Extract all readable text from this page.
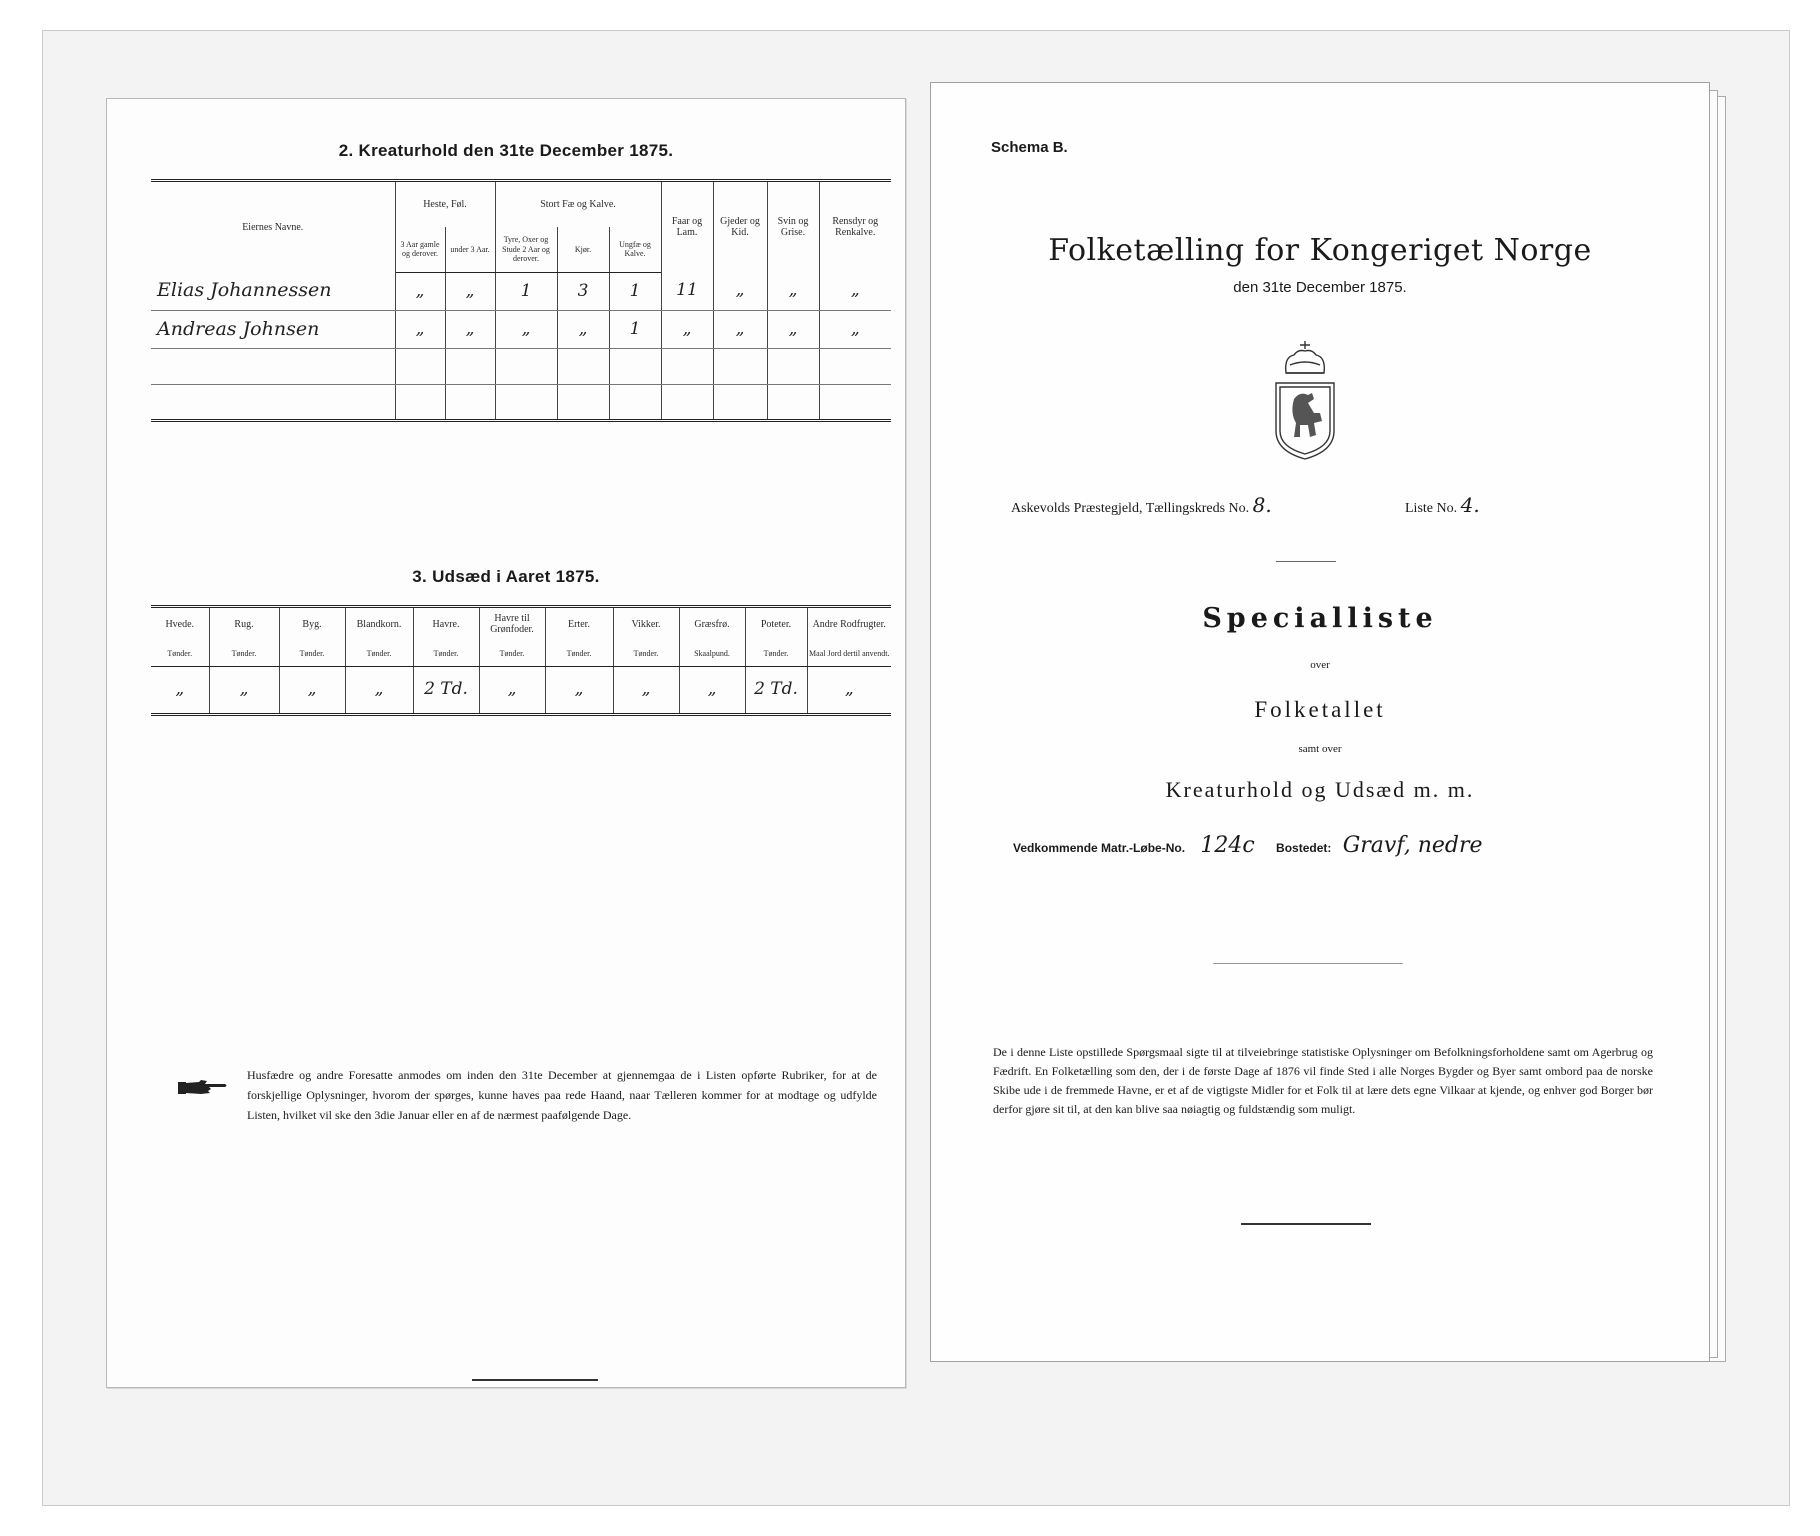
2. Kreaturhold den 31te December 1875.
Eiernes Navne.	Heste, Føl.		Stort Fæ og Kalve.			Faar og Lam.	Gjeder og Kid.	Svin og Grise.	Rensdyr og Renkalve.
	3 Aar gamle og derover.	under 3 Aar.	Tyre, Oxer og Stude 2 Aar og derover.	Kjør.	Ungfæ og Kalve.				
Elias Johannessen	„	„	1	3	1	11	„	„	„
Andreas Johnsen	„	„	„	„	1	„	„	„	„

3. Udsæd i Aaret 1875.
Hvede.	Rug.	Byg.	Blandkorn.	Havre.	Havre til Grønfoder.	Erter.	Vikker.	Græsfrø.	Poteter.	Andre Rodfrugter.
Tønder.	Tønder.	Tønder.	Tønder.	Tønder.	Tønder.	Tønder.	Tønder.	Skaalpund.	Tønder.	Maal Jord dertil anvendt.
„	„	„	„	2 Td.	„	„	„	„	2 Td.	„
Husfædre og andre Foresatte anmodes om inden den 31te December at gjennemgaa de i Listen opførte Rubriker, for at de forskjellige Oplysninger, hvorom der spørges, kunne haves paa rede Haand, naar Tælleren kommer for at modtage og udfylde Listen, hvilket vil ske den 3die Januar eller en af de nærmest paafølgende Dage.
Schema B.
Folketælling for Kongeriget Norge
den 31te December 1875.
Askevolds Præstegjeld, Tællingskreds No. 8.	Liste No. 4.
Specialliste
over
Folketallet
samt over
Kreaturhold og Udsæd m. m.
Vedkommende Matr.-Løbe-No. 124c Bostedet: Gravf, nedre
De i denne Liste opstillede Spørgsmaal sigte til at tilveiebringe statistiske Oplysninger om Befolkningsforholdene samt om Agerbrug og Fædrift. En Folketælling som den, der i de første Dage af 1876 vil finde Sted i alle Norges Bygder og Byer samt ombord paa de norske Skibe ude i de fremmede Havne, er et af de vigtigste Midler for et Folk til at lære dets egne Vilkaar at kjende, og enhver god Borger bør derfor gjøre sit til, at den kan blive saa nøiagtig og fuldstændig som muligt.
